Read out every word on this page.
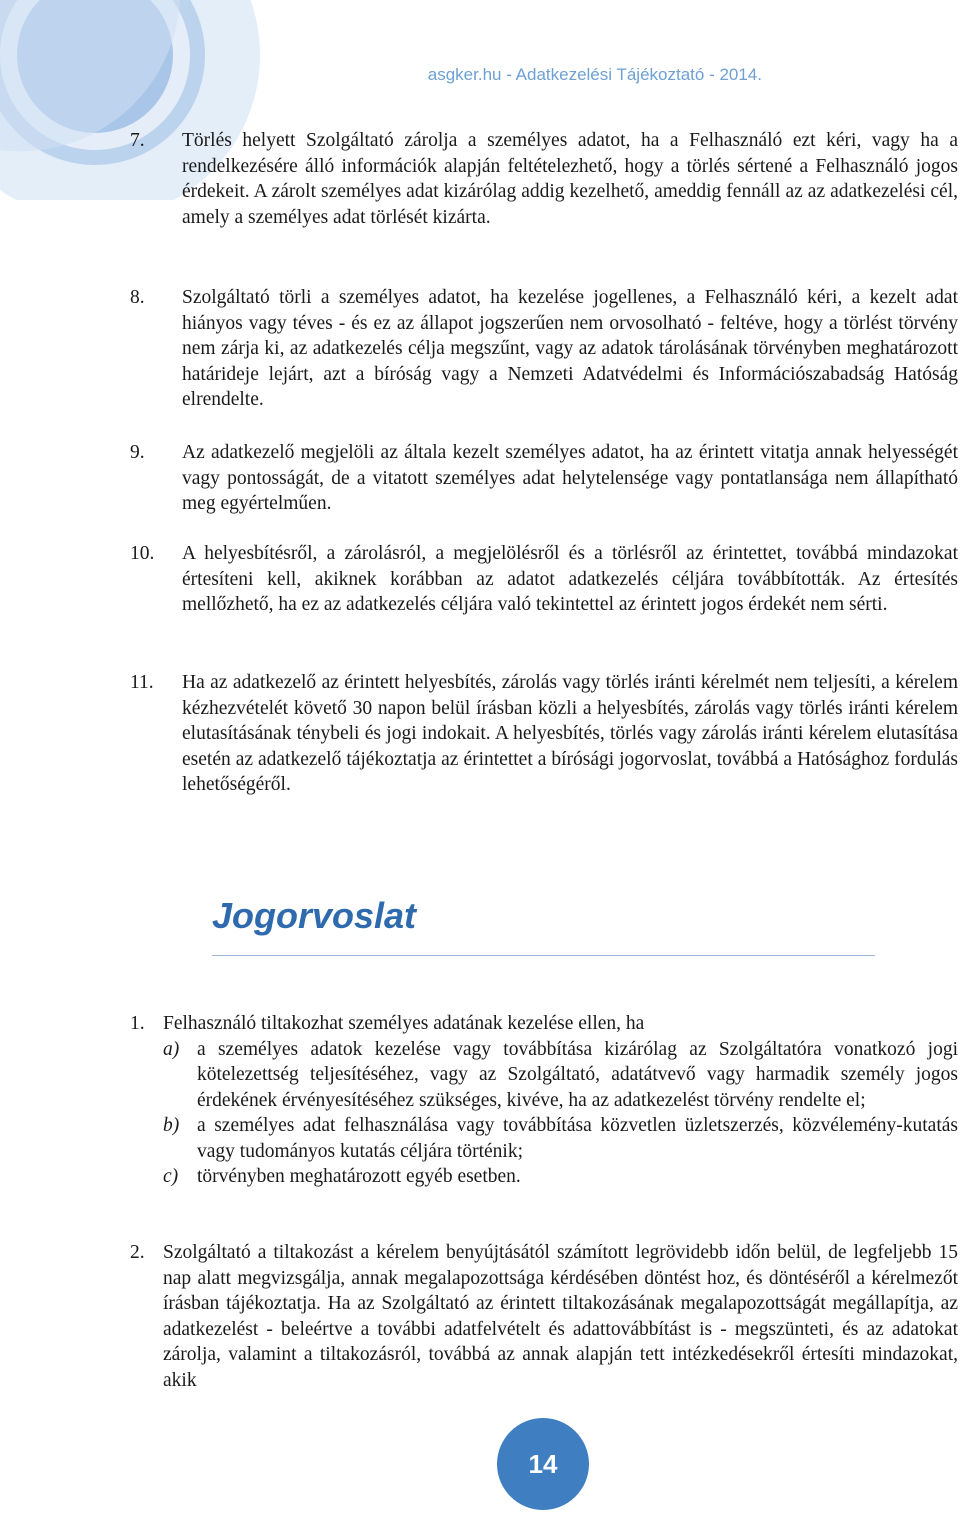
asgker.hu - Adatkezelési Tájékoztató - 2014.
7. Törlés helyett Szolgáltató zárolja a személyes adatot, ha a Felhasználó ezt kéri, vagy ha a rendelkezésére álló információk alapján feltételezhető, hogy a törlés sértené a Felhasználó jogos érdekeit. A zárolt személyes adat kizárólag addig kezelhető, ameddig fennáll az az adatkezelési cél, amely a személyes adat törlését kizárta.
8. Szolgáltató törli a személyes adatot, ha kezelése jogellenes, a Felhasználó kéri, a kezelt adat hiányos vagy téves - és ez az állapot jogszerűen nem orvosolható - feltéve, hogy a törlést törvény nem zárja ki, az adatkezelés célja megszűnt, vagy az adatok tárolásának törvényben meghatározott határideje lejárt, azt a bíróság vagy a Nemzeti Adatvédelmi és Információszabadság Hatóság elrendelte.
9. Az adatkezelő megjelöli az általa kezelt személyes adatot, ha az érintett vitatja annak helyességét vagy pontosságát, de a vitatott személyes adat helytelensége vagy pontatlansága nem állapítható meg egyértelműen.
10. A helyesbítésről, a zárolásról, a megjelölésről és a törlésről az érintettet, továbbá mindazokat értesíteni kell, akiknek korábban az adatot adatkezelés céljára továbbították. Az értesítés mellőzhető, ha ez az adatkezelés céljára való tekintettel az érintett jogos érdekét nem sérti.
11. Ha az adatkezelő az érintett helyesbítés, zárolás vagy törlés iránti kérelmét nem teljesíti, a kérelem kézhezvételét követő 30 napon belül írásban közli a helyesbítés, zárolás vagy törlés iránti kérelem elutasításának ténybeli és jogi indokait. A helyesbítés, törlés vagy zárolás iránti kérelem elutasítása esetén az adatkezelő tájékoztatja az érintettet a bírósági jogorvoslat, továbbá a Hatósághoz fordulás lehetőségéről.
Jogorvoslat
1. Felhasználó tiltakozhat személyes adatának kezelése ellen, ha
a) a személyes adatok kezelése vagy továbbítása kizárólag az Szolgáltatóra vonatkozó jogi kötelezettség teljesítéséhez, vagy az Szolgáltató, adatátvevő vagy harmadik személy jogos érdekének érvényesítéséhez szükséges, kivéve, ha az adatkezelést törvény rendelte el;
b) a személyes adat felhasználása vagy továbbítása közvetlen üzletszerzés, közvélemény-kutatás vagy tudományos kutatás céljára történik;
c) törvényben meghatározott egyéb esetben.
2. Szolgáltató a tiltakozást a kérelem benyújtásától számított legrövidebb időn belül, de legfeljebb 15 nap alatt megvizsgálja, annak megalapozottsága kérdésében döntést hoz, és döntéséről a kérelmezőt írásban tájékoztatja. Ha az Szolgáltató az érintett tiltakozásának megalapozottságát megállapítja, az adatkezelést - beleértve a további adatfelvételt és adattovábbítást is - megszünteti, és az adatokat zárolja, valamint a tiltakozásról, továbbá az annak alapján tett intézkedésekről értesíti mindazokat, akik
14
